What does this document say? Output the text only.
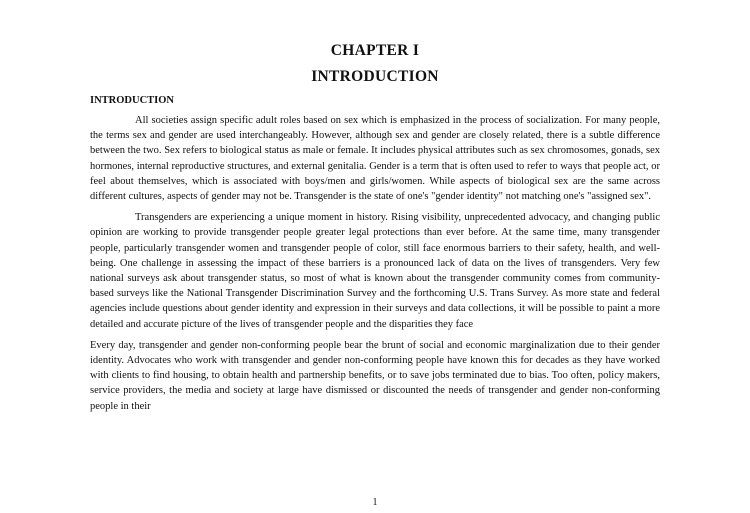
CHAPTER I
INTRODUCTION
INTRODUCTION

All societies assign specific adult roles based on sex which is emphasized in the process of socialization. For many people, the terms sex and gender are used interchangeably. However, although sex and gender are closely related, there is a subtle difference between the two. Sex refers to biological status as male or female. It includes physical attributes such as sex chromosomes, gonads, sex hormones, internal reproductive structures, and external genitalia. Gender is a term that is often used to refer to ways that people act, or feel about themselves, which is associated with boys/men and girls/women. While aspects of biological sex are the same across different cultures, aspects of gender may not be. Transgender is the state of one's "gender identity" not matching one's "assigned sex".

Transgenders are experiencing a unique moment in history. Rising visibility, unprecedented advocacy, and changing public opinion are working to provide transgender people greater legal protections than ever before. At the same time, many transgender people, particularly transgender women and transgender people of color, still face enormous barriers to their safety, health, and well-being. One challenge in assessing the impact of these barriers is a pronounced lack of data on the lives of transgenders. Very few national surveys ask about transgender status, so most of what is known about the transgender community comes from community-based surveys like the National Transgender Discrimination Survey and the forthcoming U.S. Trans Survey. As more state and federal agencies include questions about gender identity and expression in their surveys and data collections, it will be possible to paint a more detailed and accurate picture of the lives of transgender people and the disparities they face

Every day, transgender and gender non-conforming people bear the brunt of social and economic marginalization due to their gender identity. Advocates who work with transgender and gender non-conforming people have known this for decades as they have worked with clients to find housing, to obtain health and partnership benefits, or to save jobs terminated due to bias. Too often, policy makers, service providers, the media and society at large have dismissed or discounted the needs of transgender and gender non-conforming people in their

1
